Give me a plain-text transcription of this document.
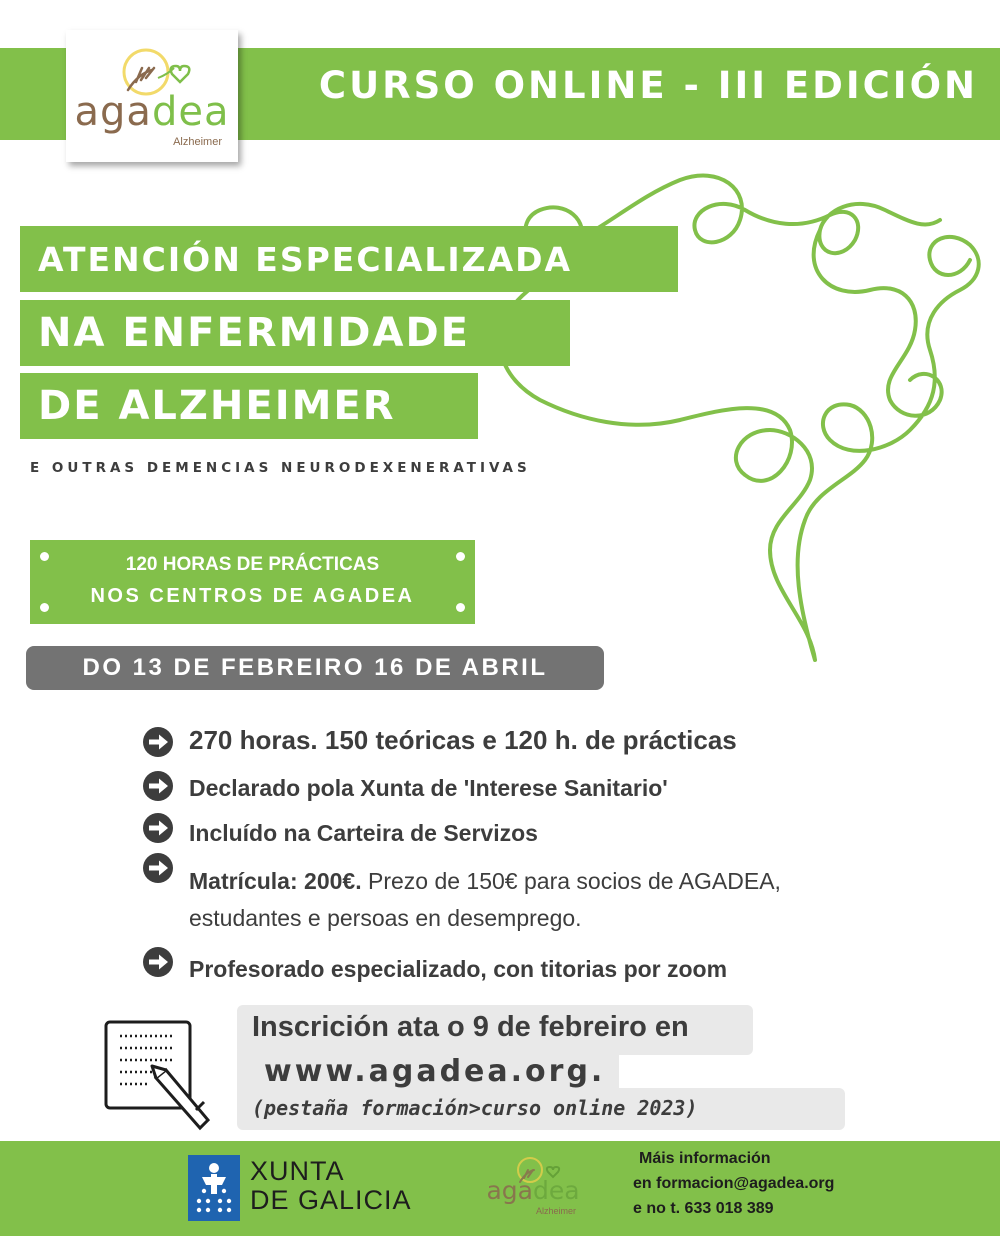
CURSO ONLINE - III EDICIÓN
agadea
Alzheimer
ATENCIÓN ESPECIALIZADA
NA ENFERMIDADE
DE ALZHEIMER
E OUTRAS DEMENCIAS NEURODEXENERATIVAS
120 HORAS DE PRÁCTICAS
NOS CENTROS DE AGADEA
DO 13 DE FEBREIRO 16 DE ABRIL
270 horas. 150 teóricas e 120 h. de prácticas
Declarado pola Xunta de 'Interese Sanitario'
Incluído na Carteira de Servizos
Matrícula: 200€. Prezo de 150€ para socios de AGADEA,
estudantes e persoas en desemprego.
Profesorado especializado, con titorias por zoom
Inscrición ata o 9 de febreiro en
www.agadea.org.
(pestaña formación>curso online 2023)
XUNTA
DE GALICIA	agadea
Alzheimer
Máis información
en formacion@agadea.org
e no t. 633 018 389
